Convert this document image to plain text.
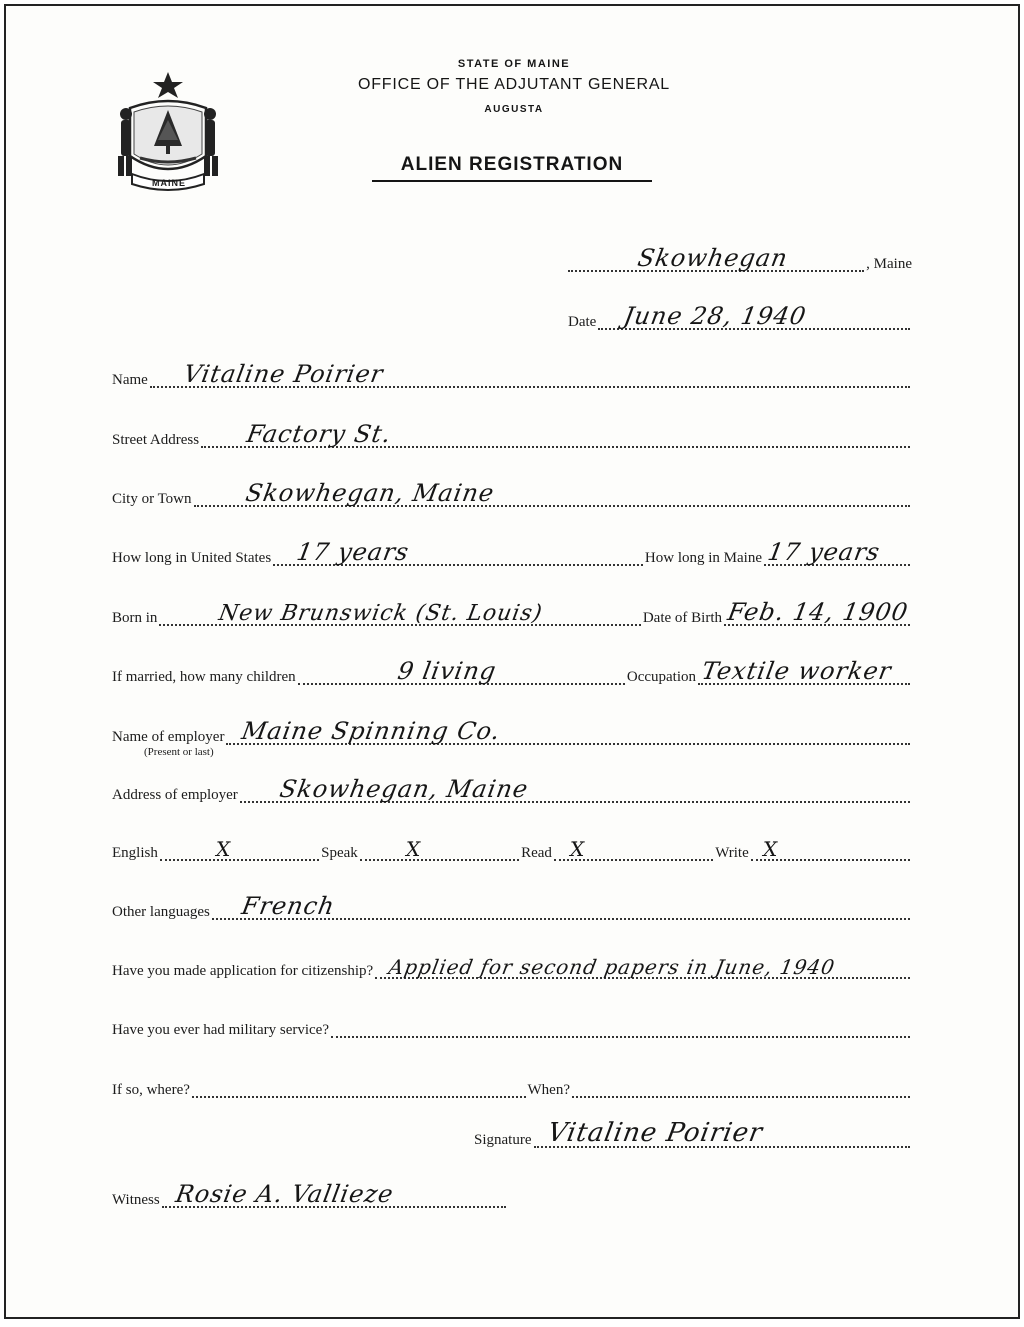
MAINE
STATE OF MAINE
OFFICE OF THE ADJUTANT GENERAL
AUGUSTA
ALIEN REGISTRATION
Skowhegan	, Maine
Date June 28, 1940
Name Vitaline Poirier
Street Address Factory St.
City or Town Skowhegan, Maine
How long in United States 17 years	How long in Maine 17 years
Born in	New Brunswick (St. Louis)	Date of Birth Feb. 14, 1900
If married, how many children	9 living	Occupation Textile worker
Name of employer Maine Spinning Co.
(Present or last)
Address of employer Skowhegan, Maine
English	X	Speak X	Read X	Write X
Other languages French
Have you made application for citizenship? Applied for second papers in June, 1940
Have you ever had military service?
If so, where?	When?
Signature Vitaline Poirier
Witness Rosie A. Vallieze
